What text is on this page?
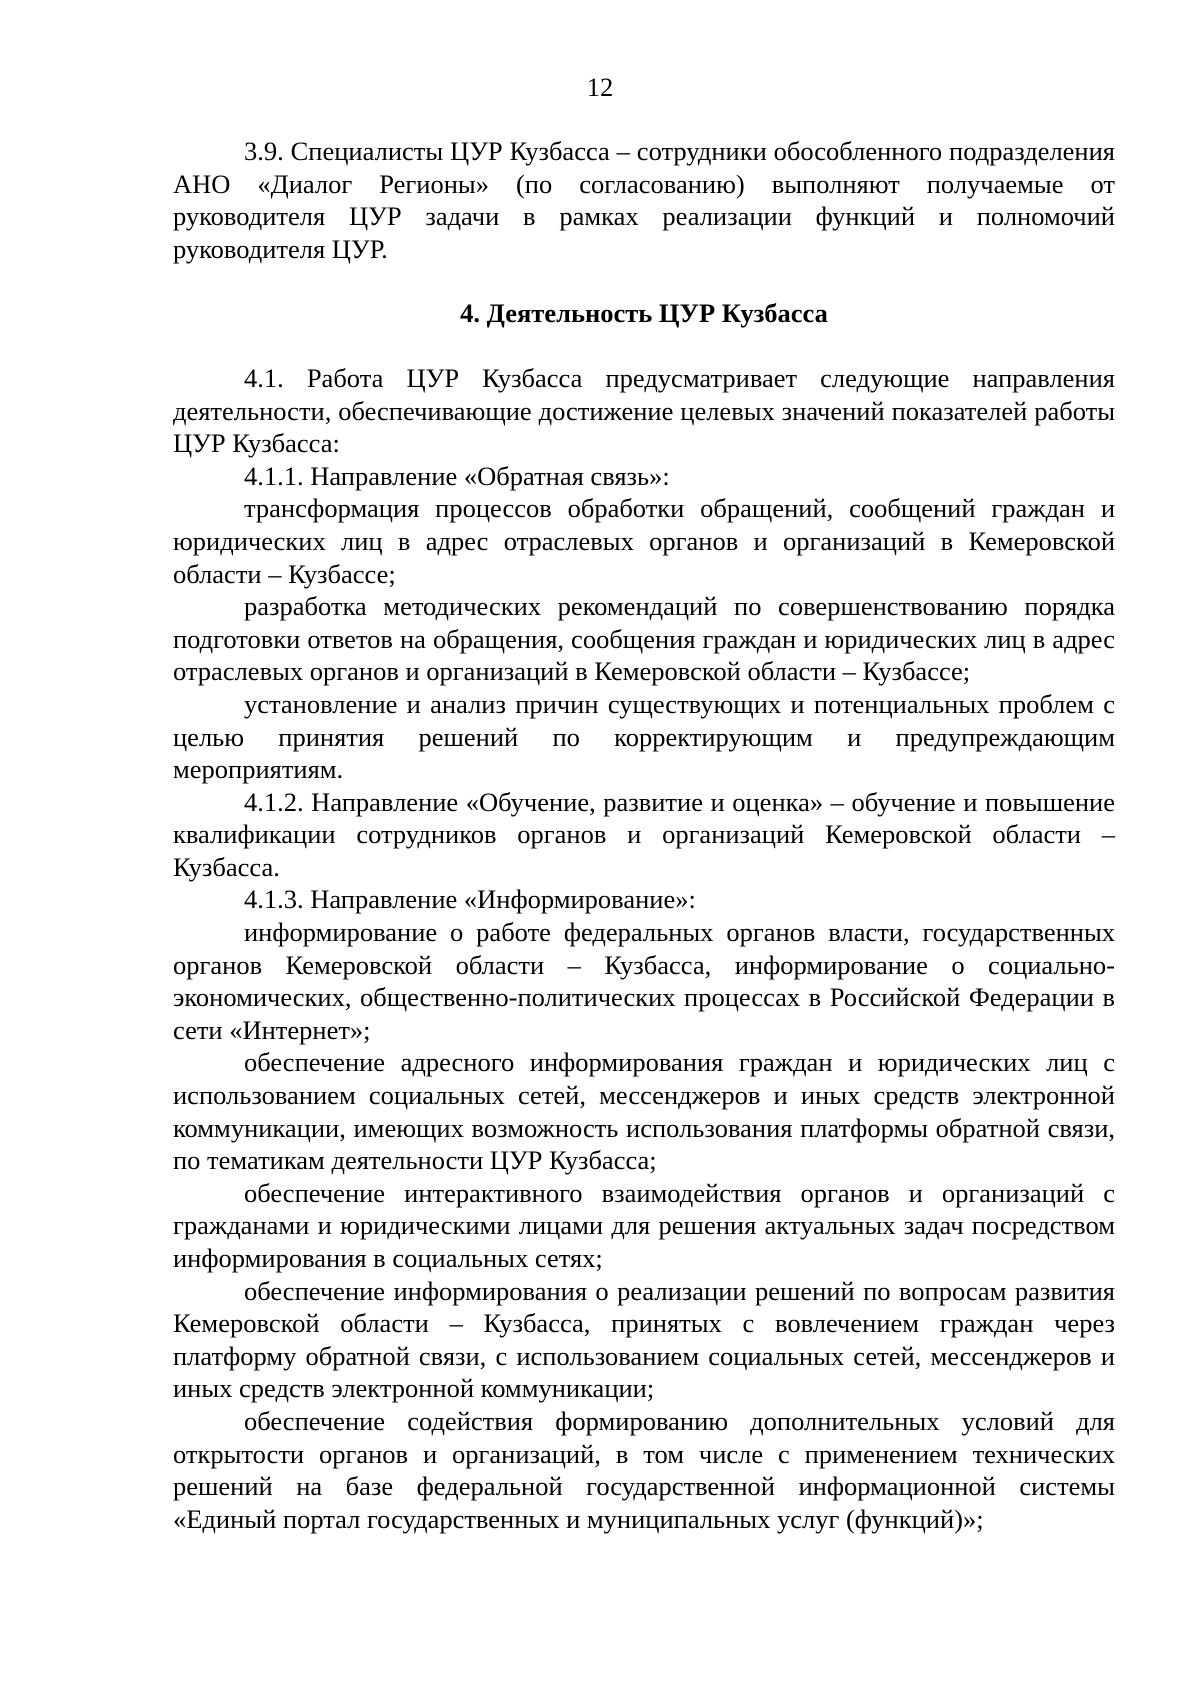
12

3.9. Специалисты ЦУР Кузбасса – сотрудники обособленного подразделения АНО «Диалог Регионы» (по согласованию) выполняют получаемые от руководителя ЦУР задачи в рамках реализации функций и полномочий руководителя ЦУР.

4. Деятельность ЦУР Кузбасса

4.1. Работа ЦУР Кузбасса предусматривает следующие направления деятельности, обеспечивающие достижение целевых значений показателей работы ЦУР Кузбасса:

4.1.1. Направление «Обратная связь»:

трансформация процессов обработки обращений, сообщений граждан и юридических лиц в адрес отраслевых органов и организаций в Кемеровской области – Кузбассе;

разработка методических рекомендаций по совершенствованию порядка подготовки ответов на обращения, сообщения граждан и юридических лиц в адрес отраслевых органов и организаций в Кемеровской области – Кузбассе;

установление и анализ причин существующих и потенциальных проблем с целью принятия решений по корректирующим и предупреждающим мероприятиям.

4.1.2. Направление «Обучение, развитие и оценка» – обучение и повышение квалификации сотрудников органов и организаций Кемеровской области – Кузбасса.

4.1.3. Направление «Информирование»:

информирование о работе федеральных органов власти, государственных органов Кемеровской области – Кузбасса, информирование о социально-экономических, общественно-политических процессах в Российской Федерации в сети «Интернет»;

обеспечение адресного информирования граждан и юридических лиц с использованием социальных сетей, мессенджеров и иных средств электронной коммуникации, имеющих возможность использования платформы обратной связи, по тематикам деятельности ЦУР Кузбасса;

обеспечение интерактивного взаимодействия органов и организаций с гражданами и юридическими лицами для решения актуальных задач посредством информирования в социальных сетях;

обеспечение информирования о реализации решений по вопросам развития Кемеровской области – Кузбасса, принятых с вовлечением граждан через платформу обратной связи, с использованием социальных сетей, мессенджеров и иных средств электронной коммуникации;

обеспечение содействия формированию дополнительных условий для открытости органов и организаций, в том числе с применением технических решений на базе федеральной государственной информационной системы «Единый портал государственных и муниципальных услуг (функций)»;
